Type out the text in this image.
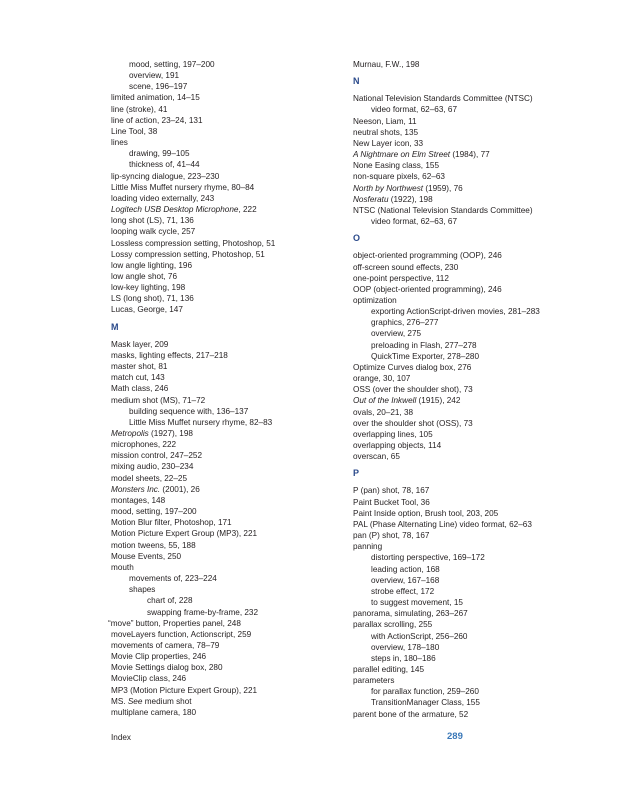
mood, setting, 197–200
overview, 191
scene, 196–197
limited animation, 14–15
line (stroke), 41
line of action, 23–24, 131
Line Tool, 38
lines
drawing, 99–105
thickness of, 41–44
lip-syncing dialogue, 223–230
Little Miss Muffet nursery rhyme, 80–84
loading video externally, 243
Logitech USB Desktop Microphone, 222
long shot (LS), 71, 136
looping walk cycle, 257
Lossless compression setting, Photoshop, 51
Lossy compression setting, Photoshop, 51
low angle lighting, 196
low angle shot, 76
low-key lighting, 198
LS (long shot), 71, 136
Lucas, George, 147
M
Mask layer, 209
masks, lighting effects, 217–218
master shot, 81
match cut, 143
Math class, 246
medium shot (MS), 71–72
building sequence with, 136–137
Little Miss Muffet nursery rhyme, 82–83
Metropolis (1927), 198
microphones, 222
mission control, 247–252
mixing audio, 230–234
model sheets, 22–25
Monsters Inc. (2001), 26
montages, 148
mood, setting, 197–200
Motion Blur filter, Photoshop, 171
Motion Picture Expert Group (MP3), 221
motion tweens, 55, 188
Mouse Events, 250
mouth
movements of, 223–224
shapes
chart of, 228
swapping frame-by-frame, 232
“move” button, Properties panel, 248
moveLayers function, Actionscript, 259
movements of camera, 78–79
Movie Clip properties, 246
Movie Settings dialog box, 280
MovieClip class, 246
MP3 (Motion Picture Expert Group), 221
MS. See medium shot
multiplane camera, 180
Murnau, F.W., 198
N
National Television Standards Committee (NTSC)
video format, 62–63, 67
Neeson, Liam, 11
neutral shots, 135
New Layer icon, 33
A Nightmare on Elm Street (1984), 77
None Easing class, 155
non-square pixels, 62–63
North by Northwest (1959), 76
Nosferatu (1922), 198
NTSC (National Television Standards Committee)
video format, 62–63, 67
O
object-oriented programming (OOP), 246
off-screen sound effects, 230
one-point perspective, 112
OOP (object-oriented programming), 246
optimization
exporting ActionScript-driven movies, 281–283
graphics, 276–277
overview, 275
preloading in Flash, 277–278
QuickTime Exporter, 278–280
Optimize Curves dialog box, 276
orange, 30, 107
OSS (over the shoulder shot), 73
Out of the Inkwell (1915), 242
ovals, 20–21, 38
over the shoulder shot (OSS), 73
overlapping lines, 105
overlapping objects, 114
overscan, 65
P
P (pan) shot, 78, 167
Paint Bucket Tool, 36
Paint Inside option, Brush tool, 203, 205
PAL (Phase Alternating Line) video format, 62–63
pan (P) shot, 78, 167
panning
distorting perspective, 169–172
leading action, 168
overview, 167–168
strobe effect, 172
to suggest movement, 15
panorama, simulating, 263–267
parallax scrolling, 255
with ActionScript, 256–260
overview, 178–180
steps in, 180–186
parallel editing, 145
parameters
for parallax function, 259–260
TransitionManager Class, 155
parent bone of the armature, 52
Index	289
